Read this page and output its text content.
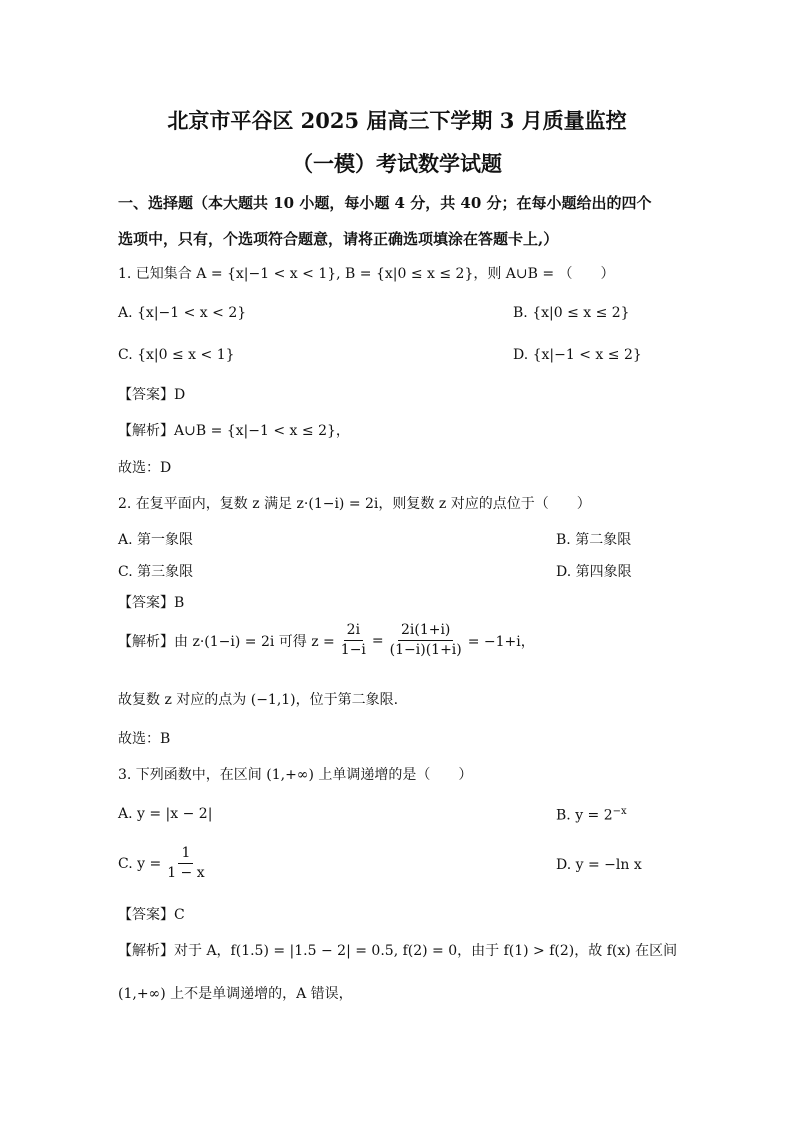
北京市平谷区 2025 届高三下学期 3 月质量监控
（一模）考试数学试题
一、选择题（本大题共 10 小题，每小题 4 分，共 40 分；在每小题给出的四个
选项中，只有，个选项符合题意，请将正确选项填涂在答题卡上,）
1. 已知集合 A = {x|−1 < x < 1}, B = {x|0 ≤ x ≤ 2}，则 A∪B = （　　）
A. {x|−1 < x < 2}	B. {x|0 ≤ x ≤ 2}
C. {x|0 ≤ x < 1}	D. {x|−1 < x ≤ 2}
【答案】D
【解析】A∪B = {x|−1 < x ≤ 2}，
故选：D
2. 在复平面内，复数 z 满足 z·(1−i) = 2i，则复数 z 对应的点位于（　　）
A. 第一象限	B. 第二象限
C. 第三象限	D. 第四象限
【答案】B
【解析】由 z·(1−i) = 2i 可得 $z = \frac{2i}{1-i} = \frac{2i(1+i)}{(1-i)(1+i)} = -1+i$，
故复数 z 对应的点为 (−1,1)，位于第二象限.
故选：B
3. 下列函数中，在区间 (1,+∞) 上单调递增的是（　　）
A. y = |x − 2|	B. $y = 2^{-x}$
C. $y = \frac{1}{1 - x}$	D. y = −ln x
【答案】C
【解析】对于 A，f(1.5) = |1.5 − 2| = 0.5, f(2) = 0，由于 f(1) > f(2)，故 f(x) 在区间
(1,+∞) 上不是单调递增的，A 错误，
